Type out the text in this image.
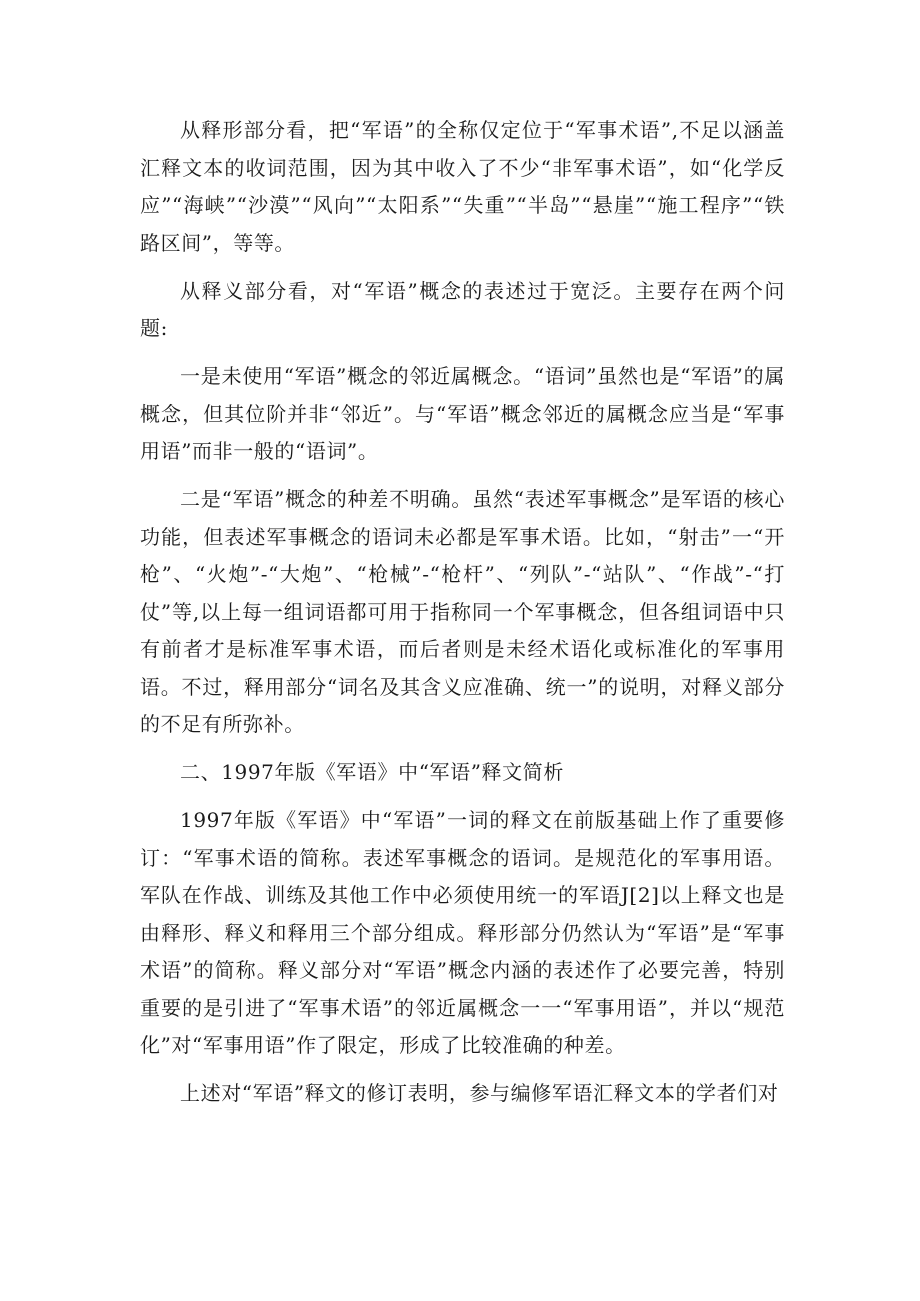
从释形部分看，把“军语”的全称仅定位于“军事术语”,不足以涵盖汇释文本的收词范围，因为其中收入了不少“非军事术语”，如“化学反应”“海峡”“沙漠”“风向”“太阳系”“失重”“半岛”“悬崖”“施工程序”“铁路区间”，等等。

从释义部分看，对“军语”概念的表述过于宽泛。主要存在两个问题:

一是未使用“军语”概念的邻近属概念。“语词”虽然也是“军语”的属概念，但其位阶并非“邻近”。与“军语”概念邻近的属概念应当是“军事用语”而非一般的“语词”。

二是“军语”概念的种差不明确。虽然“表述军事概念”是军语的核心功能，但表述军事概念的语词未必都是军事术语。比如，“射击”一“开枪”、“火炮”-“大炮”、“枪械”-“枪杆”、“列队”-“站队”、“作战”-“打仗”等,以上每一组词语都可用于指称同一个军事概念，但各组词语中只有前者才是标准军事术语，而后者则是未经术语化或标准化的军事用语。不过，释用部分“词名及其含义应准确、统一”的说明，对释义部分的不足有所弥补。

二、1997年版《军语》中“军语”释文简析

1997年版《军语》中“军语”一词的释文在前版基础上作了重要修订：“军事术语的简称。表述军事概念的语词。是规范化的军事用语。军队在作战、训练及其他工作中必须使用统一的军语J[2]以上释文也是由释形、释义和释用三个部分组成。释形部分仍然认为“军语”是“军事术语”的简称。释义部分对“军语”概念内涵的表述作了必要完善，特别重要的是引进了“军事术语”的邻近属概念一一“军事用语”，并以“规范化”对“军事用语”作了限定，形成了比较准确的种差。

上述对“军语”释文的修订表明，参与编修军语汇释文本的学者们对
